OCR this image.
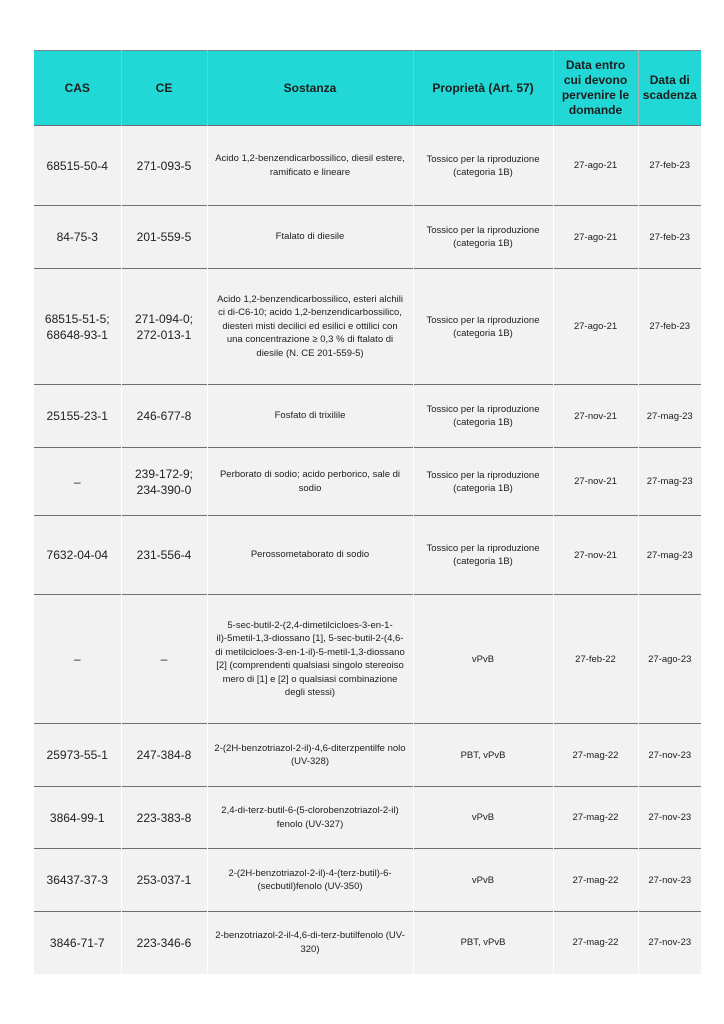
CAS	CE	Sostanza	Proprietà (Art. 57)	Data entro cui devono pervenire le domande	Data di scadenza
68515-50-4	271-093-5	Acido 1,2-benzendicarbossilico, diesil estere, ramificato e lineare	Tossico per la riproduzione (categoria 1B)	27-ago-21	27-feb-23
84-75-3	201-559-5	Ftalato di diesile	Tossico per la riproduzione (categoria 1B)	27-ago-21	27-feb-23
68515-51-5; 68648-93-1	271-094-0; 272-013-1	Acido 1,2-benzendicarbossilico, esteri alchili ci di-C6-10; acido 1,2-benzendicarbossilico, diesteri misti decilici ed esilici e ottilici con una concentrazione ≥ 0,3 % di ftalato di diesile (N. CE 201-559-5)	Tossico per la riproduzione (categoria 1B)	27-ago-21	27-feb-23
25155-23-1	246-677-8	Fosfato di trixilile	Tossico per la riproduzione (categoria 1B)	27-nov-21	27-mag-23
–	239-172-9; 234-390-0	Perborato di sodio; acido perborico, sale di sodio	Tossico per la riproduzione (categoria 1B)	27-nov-21	27-mag-23
7632-04-04	231-556-4	Perossometaborato di sodio	Tossico per la riproduzione (categoria 1B)	27-nov-21	27-mag-23
–	–	5-sec-butil-2-(2,4-dimetilcicloes-3-en-1-il)-5metil-1,3-diossano [1], 5-sec-butil-2-(4,6-di metilcicloes-3-en-1-il)-5-metil-1,3-diossano [2] (comprendenti qualsiasi singolo stereoiso mero di [1] e [2] o qualsiasi combinazione degli stessi)	vPvB	27-feb-22	27-ago-23
25973-55-1	247-384-8	2-(2H-benzotriazol-2-il)-4,6-diterzpentilfe nolo (UV-328)	PBT, vPvB	27-mag-22	27-nov-23
3864-99-1	223-383-8	2,4-di-terz-butil-6-(5-clorobenzotriazol-2-il) fenolo (UV-327)	vPvB	27-mag-22	27-nov-23
36437-37-3	253-037-1	2-(2H-benzotriazol-2-il)-4-(terz-butil)-6-(secbutil)fenolo (UV-350)	vPvB	27-mag-22	27-nov-23
3846-71-7	223-346-6	2-benzotriazol-2-il-4,6-di-terz-butilfenolo (UV-320)	PBT, vPvB	27-mag-22	27-nov-23
